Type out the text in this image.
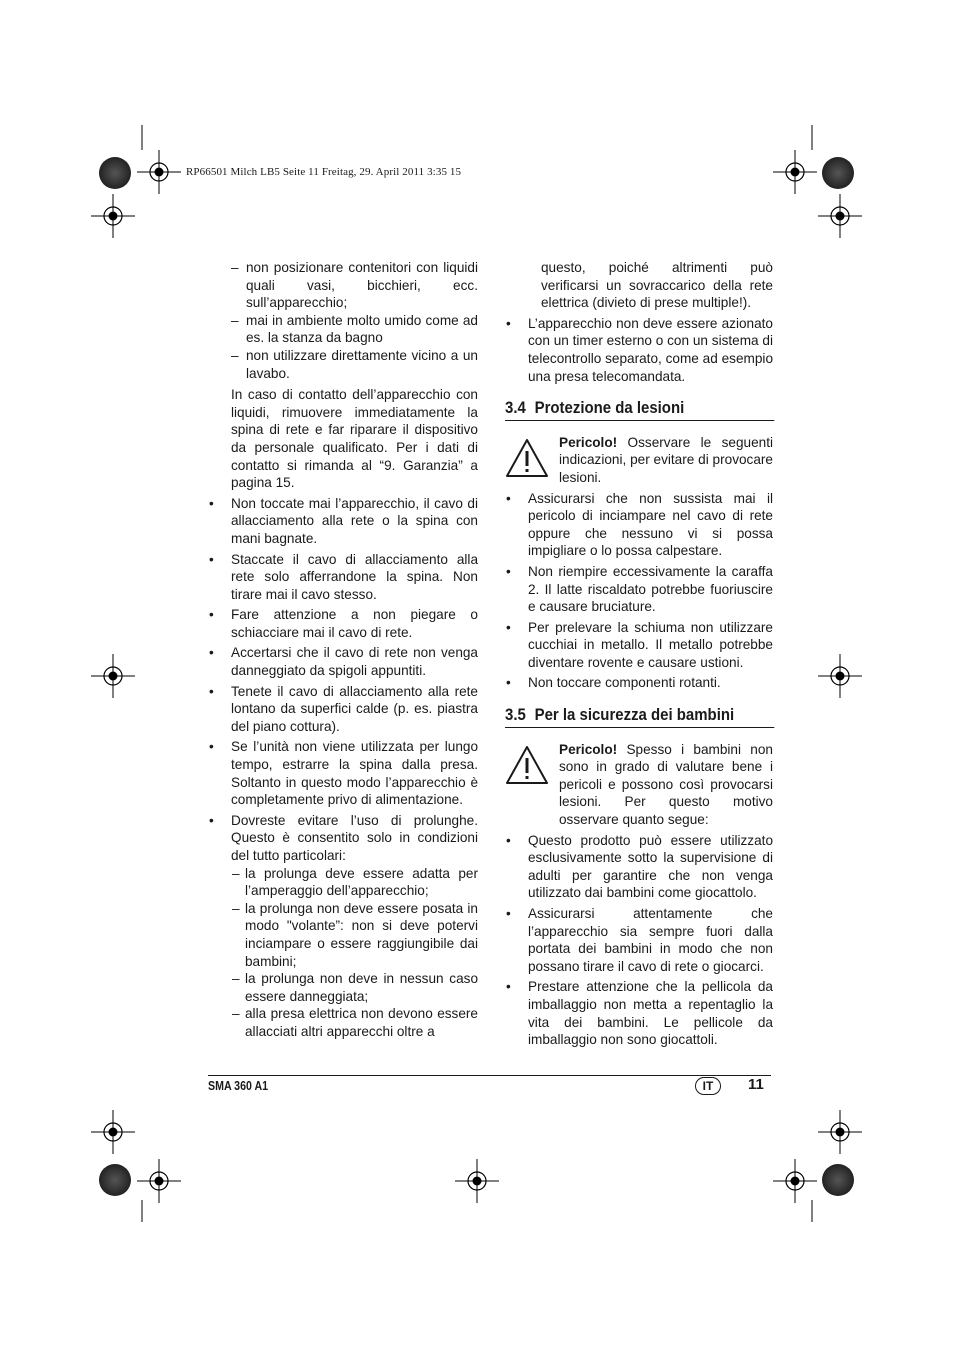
RP66501 Milch LB5 Seite 11 Freitag, 29. April 2011 3:35 15
– non posizionare contenitori con liquidi quali vasi, bicchieri, ecc. sull’apparecchio;
– mai in ambiente molto umido come ad es. la stanza da bagno
– non utilizzare direttamente vicino a un lavabo.
In caso di contatto dell’apparecchio con liquidi, rimuovere immediatamente la spina di rete e far riparare il dispositivo da personale qualificato. Per i dati di contatto si rimanda al “9. Garanzia” a pagina 15.
• Non toccate mai l’apparecchio, il cavo di allacciamento alla rete o la spina con mani bagnate.
• Staccate il cavo di allacciamento alla rete solo afferrandone la spina. Non tirare mai il cavo stesso.
• Fare attenzione a non piegare o schiacciare mai il cavo di rete.
• Accertarsi che il cavo di rete non venga danneggiato da spigoli appuntiti.
• Tenete il cavo di allacciamento alla rete lontano da superfici calde (p. es. piastra del piano cottura).
• Se l’unità non viene utilizzata per lungo tempo, estrarre la spina dalla presa. Soltanto in questo modo l’apparecchio è completamente privo di alimentazione.
• Dovreste evitare l’uso di prolunghe. Questo è consentito solo in condizioni del tutto particolari:
– la prolunga deve essere adatta per l’amperaggio dell’apparecchio;
– la prolunga non deve essere posata in modo "volante”: non si deve potervi inciampare o essere raggiungibile dai bambini;
– la prolunga non deve in nessun caso essere danneggiata;
– alla presa elettrica non devono essere allacciati altri apparecchi oltre a
questo, poiché altrimenti può verificarsi un sovraccarico della rete elettrica (divieto di prese multiple!).
• L’apparecchio non deve essere azionato con un timer esterno o con un sistema di telecontrollo separato, come ad esempio una presa telecomandata.
3.4 Protezione da lesioni
Pericolo! Osservare le seguenti indicazioni, per evitare di provocare lesioni.
• Assicurarsi che non sussista mai il pericolo di inciampare nel cavo di rete oppure che nessuno vi si possa impigliare o lo possa calpestare.
• Non riempire eccessivamente la caraffa 2. Il latte riscaldato potrebbe fuoriuscire e causare bruciature.
• Per prelevare la schiuma non utilizzare cucchiai in metallo. Il metallo potrebbe diventare rovente e causare ustioni.
• Non toccare componenti rotanti.
3.5 Per la sicurezza dei bambini
Pericolo! Spesso i bambini non sono in grado di valutare bene i pericoli e possono così provocarsi lesioni. Per questo motivo osservare quanto segue:
• Questo prodotto può essere utilizzato esclusivamente sotto la supervisione di adulti per garantire che non venga utilizzato dai bambini come giocattolo.
• Assicurarsi attentamente che l’apparecchio sia sempre fuori dalla portata dei bambini in modo che non possano tirare il cavo di rete o giocarci.
• Prestare attenzione che la pellicola da imballaggio non metta a repentaglio la vita dei bambini. Le pellicole da imballaggio non sono giocattoli.
SMA 360 A1	IT	11
